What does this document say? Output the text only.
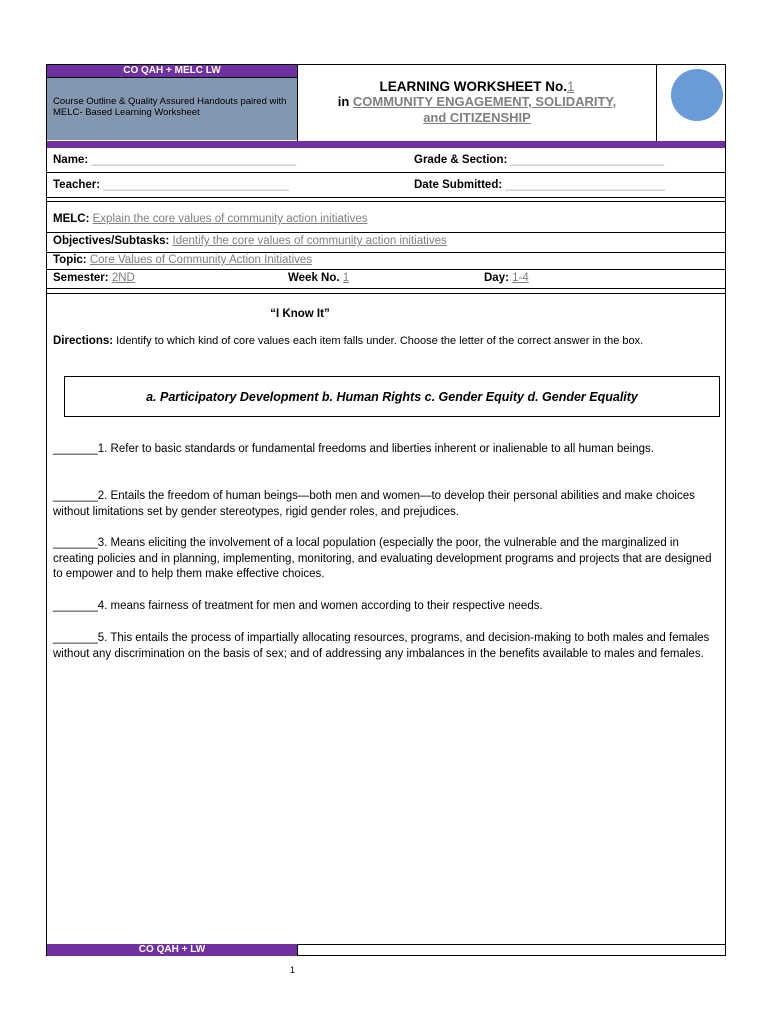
CO QAH + MELC LW
Course Outline & Quality Assured Handouts paired with MELC- Based Learning Worksheet
LEARNING WORKSHEET No.1
in COMMUNITY ENGAGEMENT, SOLIDARITY,
and CITIZENSHIP
Name: ________________________________	Grade & Section: ________________________
Teacher: _____________________________	Date Submitted: _________________________
MELC: Explain the core values of community action initiatives
Objectives/Subtasks: Identify the core values of community action initiatives
Topic: Core Values of Community Action Initiatives
Semester: 2ND	Week No. 1	Day: 1-4
“I Know It”
Directions: Identify to which kind of core values each item falls under. Choose the letter of the correct answer in the box.
a. Participatory Development b. Human Rights c. Gender Equity d. Gender Equality
_______1. Refer to basic standards or fundamental freedoms and liberties inherent or inalienable to all human beings.
_______2. Entails the freedom of human beings—both men and women—to develop their personal abilities and make choices without limitations set by gender stereotypes, rigid gender roles, and prejudices.
_______3. Means eliciting the involvement of a local population (especially the poor, the vulnerable and the marginalized in creating policies and in planning, implementing, monitoring, and evaluating development programs and projects that are designed to empower and to help them make effective choices.
_______4. means fairness of treatment for men and women according to their respective needs.
_______5. This entails the process of impartially allocating resources, programs, and decision-making to both males and females without any discrimination on the basis of sex; and of addressing any imbalances in the benefits available to males and females.
CO QAH + LW
1
